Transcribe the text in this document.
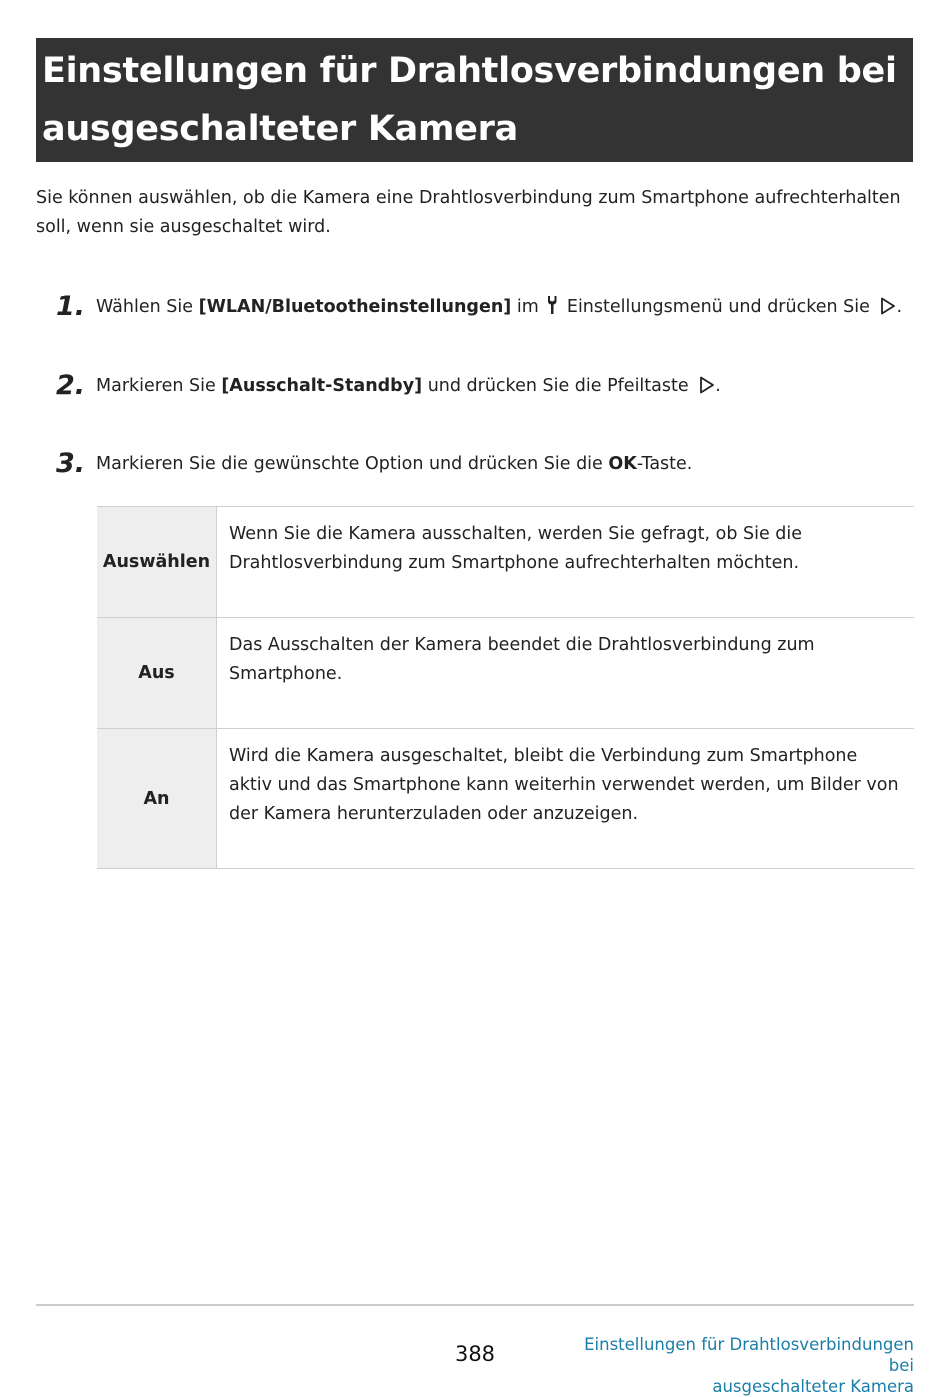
Einstellungen für Drahtlosverbindungen bei
ausgeschalteter Kamera
Sie können auswählen, ob die Kamera eine Drahtlosverbindung zum Smartphone aufrechterhalten soll, wenn sie ausgeschaltet wird.
1. Wählen Sie [WLAN/Bluetootheinstellungen] im  Einstellungsmenü und drücken Sie .
2. Markieren Sie [Ausschalt-Standby] und drücken Sie die Pfeiltaste .
3. Markieren Sie die gewünschte Option und drücken Sie die OK-Taste.
Auswählen	Wenn Sie die Kamera ausschalten, werden Sie gefragt, ob Sie die Drahtlosverbindung zum Smartphone aufrechterhalten möchten.
Aus	Das Ausschalten der Kamera beendet die Drahtlosverbindung zum Smartphone.
An	Wird die Kamera ausgeschaltet, bleibt die Verbindung zum Smartphone aktiv und das Smartphone kann weiterhin verwendet werden, um Bilder von der Kamera herunterzuladen oder anzuzeigen.
388	Einstellungen für Drahtlosverbindungen bei
ausgeschalteter Kamera
